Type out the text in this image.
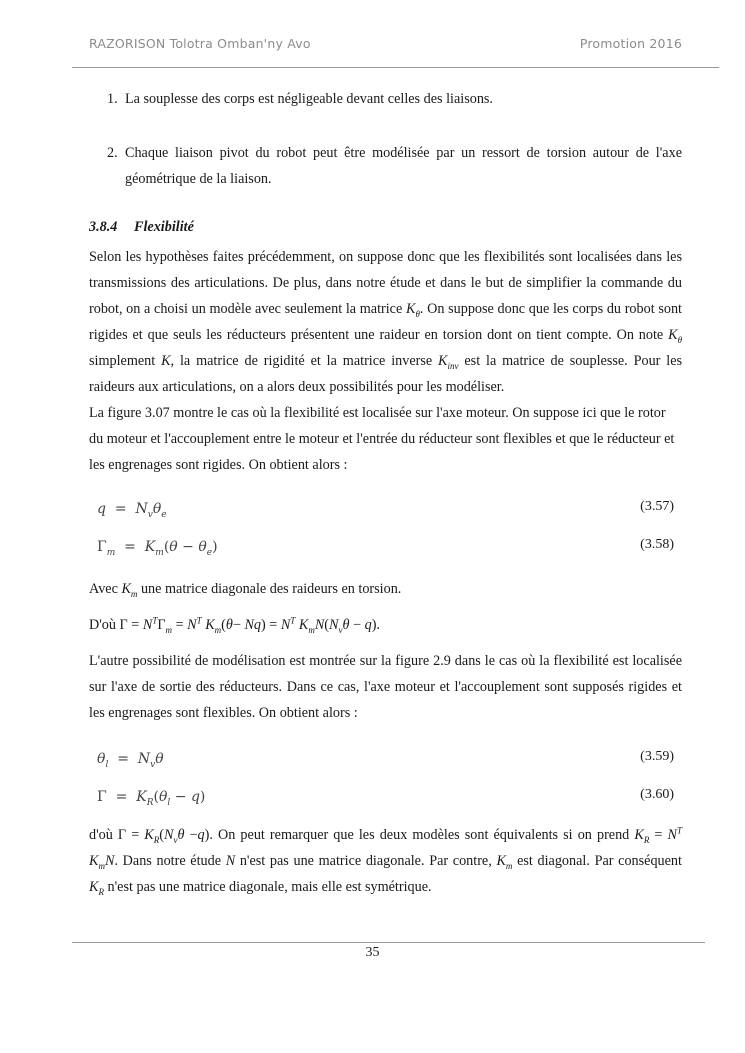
RAZORISON Tolotra Omban'ny Avo	Promotion 2016
1. La souplesse des corps est négligeable devant celles des liaisons.
2. Chaque liaison pivot du robot peut être modélisée par un ressort de torsion autour de l'axe géométrique de la liaison.
3.8.4 Flexibilité
Selon les hypothèses faites précédemment, on suppose donc que les flexibilités sont localisées dans les transmissions des articulations. De plus, dans notre étude et dans le but de simplifier la commande du robot, on a choisi un modèle avec seulement la matrice $K_\theta$. On suppose donc que les corps du robot sont rigides et que seuls les réducteurs présentent une raideur en torsion dont on tient compte. On note $K_\theta$ simplement K, la matrice de rigidité et la matrice inverse $K_{inv}$ est la matrice de souplesse. Pour les raideurs aux articulations, on a alors deux possibilités pour les modéliser.
La figure 3.07 montre le cas où la flexibilité est localisée sur l'axe moteur. On suppose ici que le rotor du moteur et l'accouplement entre le moteur et l'entrée du réducteur sont flexibles et que le réducteur et les engrenages sont rigides. On obtient alors :
$q = N_v\theta_e$
(3.57)
$\Gamma_m = K_m(\theta - \theta_e)$	(3.58)
Avec $K_m$ une matrice diagonale des raideurs en torsion.
D'où $\Gamma = N^T\Gamma_m = N^T$ $K_m(\theta- Nq) = N^T$ $K_mN(N_v\theta - q)$.
L'autre possibilité de modélisation est montrée sur la figure 2.9 dans le cas où la flexibilité est localisée sur l'axe de sortie des réducteurs. Dans ce cas, l'axe moteur et l'accouplement sont supposés rigides et les engrenages sont flexibles. On obtient alors :
$\theta_l = N_v\theta$	(3.59)
$\Gamma = K_R(\theta_l - q)$	(3.60)
d'où $\Gamma = K_R(N_v\theta -q)$. On peut remarquer que les deux modèles sont équivalents si on prend $K_R = N^T$ $K_mN$. Dans notre étude N n'est pas une matrice diagonale. Par contre, $K_m$ est diagonal. Par conséquent $K_R$ n'est pas une matrice diagonale, mais elle est symétrique.
35
